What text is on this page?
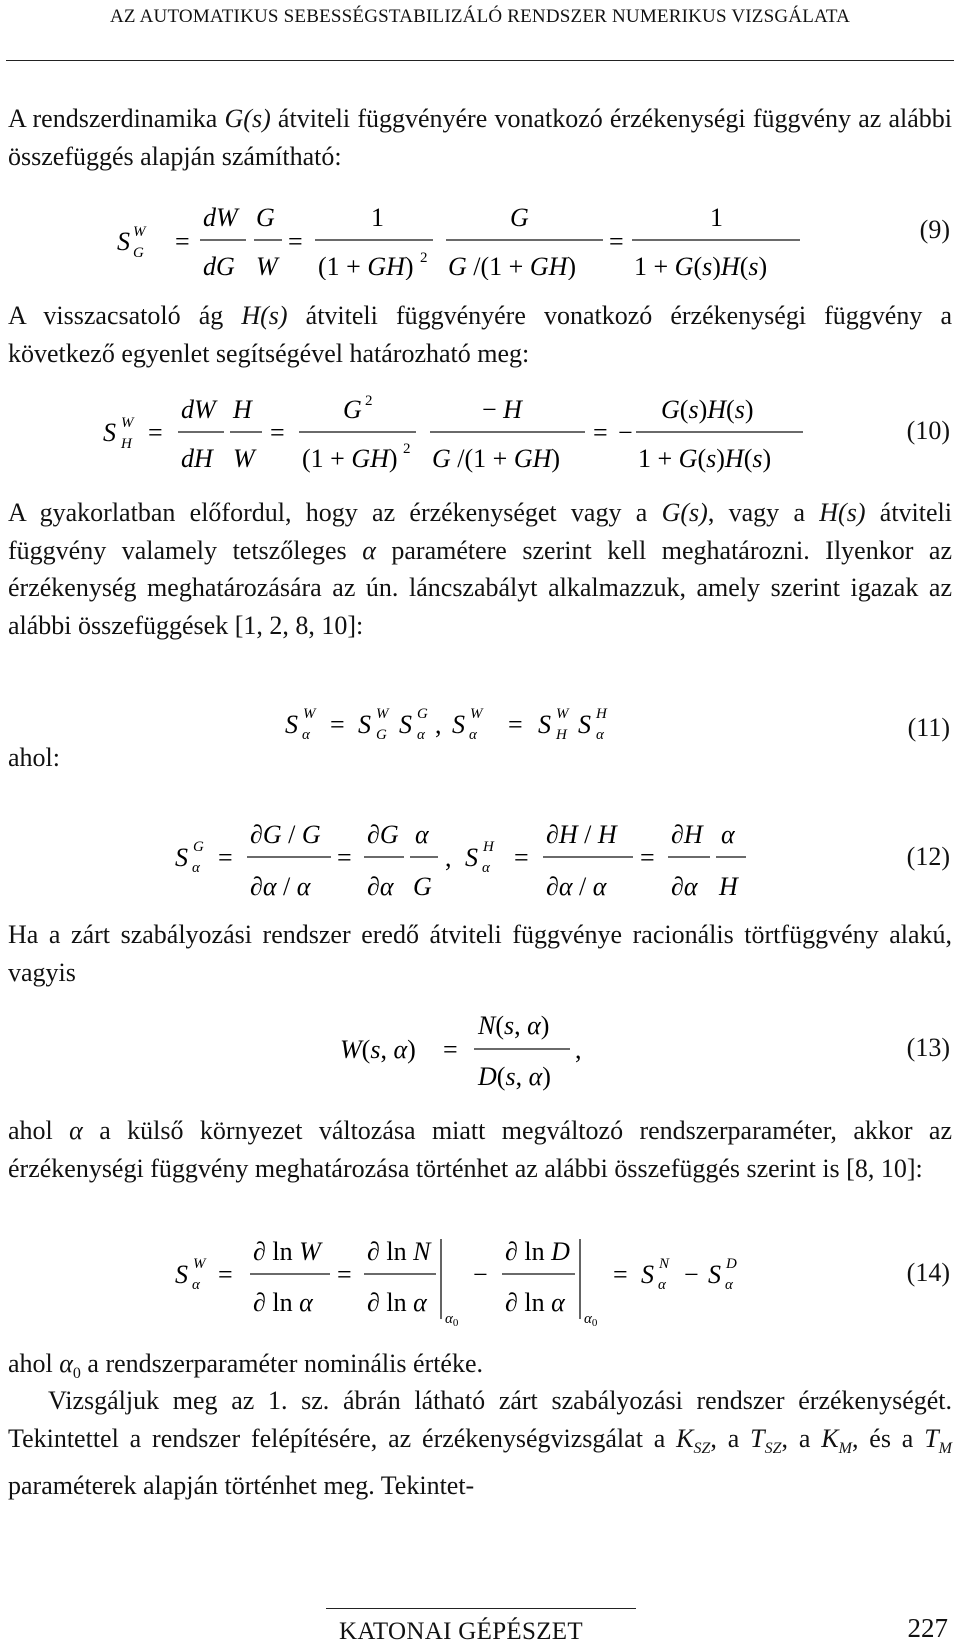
AZ AUTOMATIKUS SEBESSÉGSTABILIZÁLÓ RENDSZER NUMERIKUS VIZSGÁLATA

A rendszerdinamika G(s) átviteli függvényére vonatkozó érzékenységi függvény az alábbi összefüggés alapján számítható:

S W
G =
dW
dG
G
W
=
1
(1 + GH) 2
G
G /(1 + GH)
=
1
1 + G(s)H(s)
(9)

A visszacsatoló ág H(s) átviteli függvényére vonatkozó érzékenységi függvény a következő egyenlet segítségével határozható meg:

S W
H =
dW
dH
H
W
=
G 2
(1 + GH) 2
− H
G /(1 + GH)
= −
G(s)H(s)
1 + G(s)H(s)
(10)

A gyakorlatban előfordul, hogy az érzékenységet vagy a G(s), vagy a H(s) átviteli függvény valamely tetszőleges α paramétere szerint kell meghatározni. Ilyenkor az érzékenység meghatározására az ún. láncszabályt alkalmazzuk, amely szerint igazak az alábbi összefüggések [1, 2, 8, 10]:

S W
α = S W
G S G
α , S W
α = S W
H S H
α	(11)
ahol:
S G
α =
∂G / G
∂α / α
=
∂G
∂α
α
G
, S H
α =
∂H / H
∂α / α
=
∂H
∂α
α
H
(12)

Ha a zárt szabályozási rendszer eredő átviteli függvénye racionális törtfüggvény alakú, vagyis

W(s, α) =
N(s, α)
D(s, α)
,	(13)

ahol α a külső környezet változása miatt megváltozó rendszerparaméter, akkor az érzékenységi függvény meghatározása történhet az alábbi összefüggés szerint is [8, 10]:

S W
α =
∂ ln W
∂ ln α
=
∂ ln N
∂ ln α
$\alpha_0$
−
∂ ln D
∂ ln α
$\alpha_0$
= S N
α − S D
α	(14)

ahol $\alpha_0$ a rendszerparaméter nominális értéke.

Vizsgáljuk meg az 1. sz. ábrán látható zárt szabályozási rendszer érzékenységét. Tekintettel a rendszer felépítésére, az érzékenységvizsgálat a $K_{SZ}$, a $T_{SZ}$, a $K_M$, és a $T_M$ paraméterek alapján történhet meg. Tekintet-

KATONAI GÉPÉSZET	227
